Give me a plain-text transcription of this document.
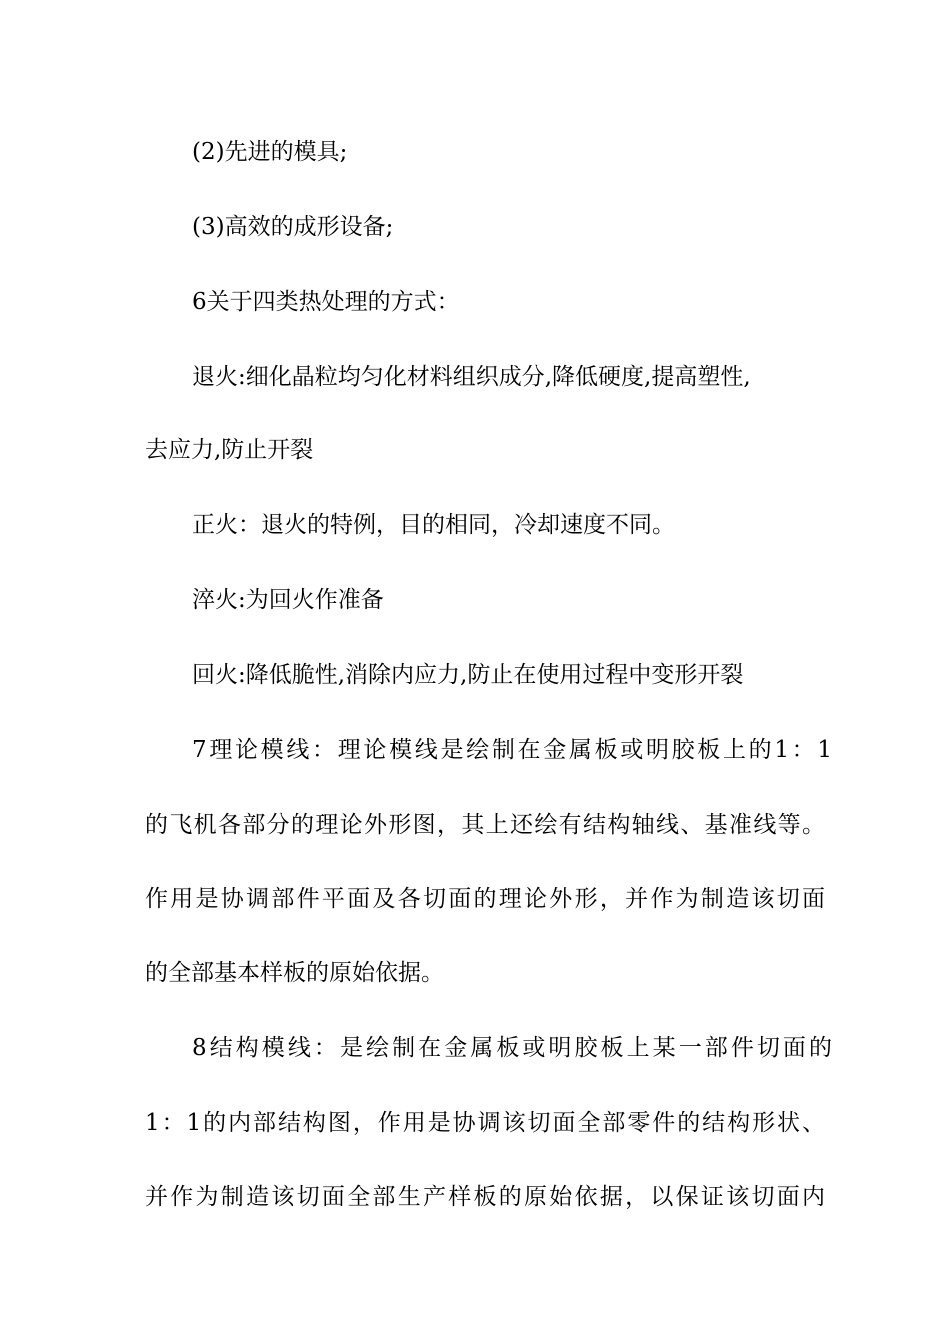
(2)先进的模具;
(3)高效的成形设备;
6关于四类热处理的方式：
退火:细化晶粒均匀化材料组织成分,降低硬度,提高塑性,
去应力,防止开裂
正火：退火的特例，目的相同，冷却速度不同。
淬火:为回火作准备
回火:降低脆性,消除内应力,防止在使用过程中变形开裂
7理论模线：理论模线是绘制在金属板或明胶板上的1：1
的飞机各部分的理论外形图，其上还绘有结构轴线、基准线等。
作用是协调部件平面及各切面的理论外形，并作为制造该切面
的全部基本样板的原始依据。
8结构模线：是绘制在金属板或明胶板上某一部件切面的
1：1的内部结构图，作用是协调该切面全部零件的结构形状、
并作为制造该切面全部生产样板的原始依据，以保证该切面内
